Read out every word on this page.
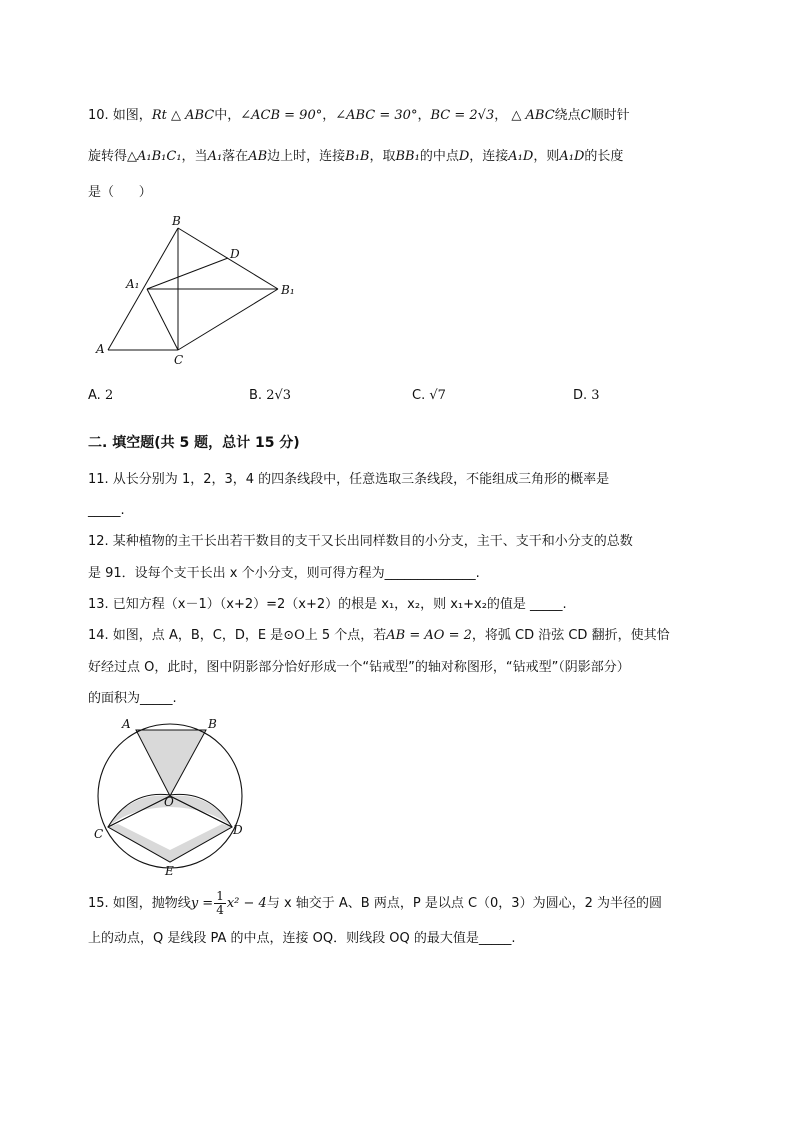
10. 如图，Rt △ ABC中，∠ACB = 90°，∠ABC = 30°，BC = 2√3， △ ABC绕点C顺时针
旋转得△A₁B₁C₁，当A₁落在AB边上时，连接B₁B，取BB₁的中点D，连接A₁D，则A₁D的长度
是（      ）
B
D
A₁	B₁
A
C
A. 2	B. 2√3	C. √7	D. 3
二. 填空题(共 5 题，总计 15 分)
11. 从长分别为 1，2，3，4 的四条线段中，任意选取三条线段，不能组成三角形的概率是
_____.
12. 某种植物的主干长出若干数目的支干又长出同样数目的小分支，主干、支干和小分支的总数
是 91．设每个支干长出 x 个小分支，则可得方程为______________.
13. 已知方程（x－1）（x+2）=2（x+2）的根是 x₁，x₂，则 x₁+x₂的值是 _____.
14. 如图，点 A，B，C，D，E 是⊙O上 5 个点，若AB = AO = 2，将弧 CD 沿弦 CD 翻折，使其恰
好经过点 O，此时，图中阴影部分恰好形成一个“钻戒型”的轴对称图形，“钻戒型”（阴影部分）
的面积为_____.
A	B
O
C	D
E
15. 如图，抛物线$y = \frac{1}{4} x^2 - 4$与 x 轴交于 A、B 两点，P 是以点 C（0，3）为圆心，2 为半径的圆
上的动点，Q 是线段 PA 的中点，连接 OQ．则线段 OQ 的最大值是_____.
